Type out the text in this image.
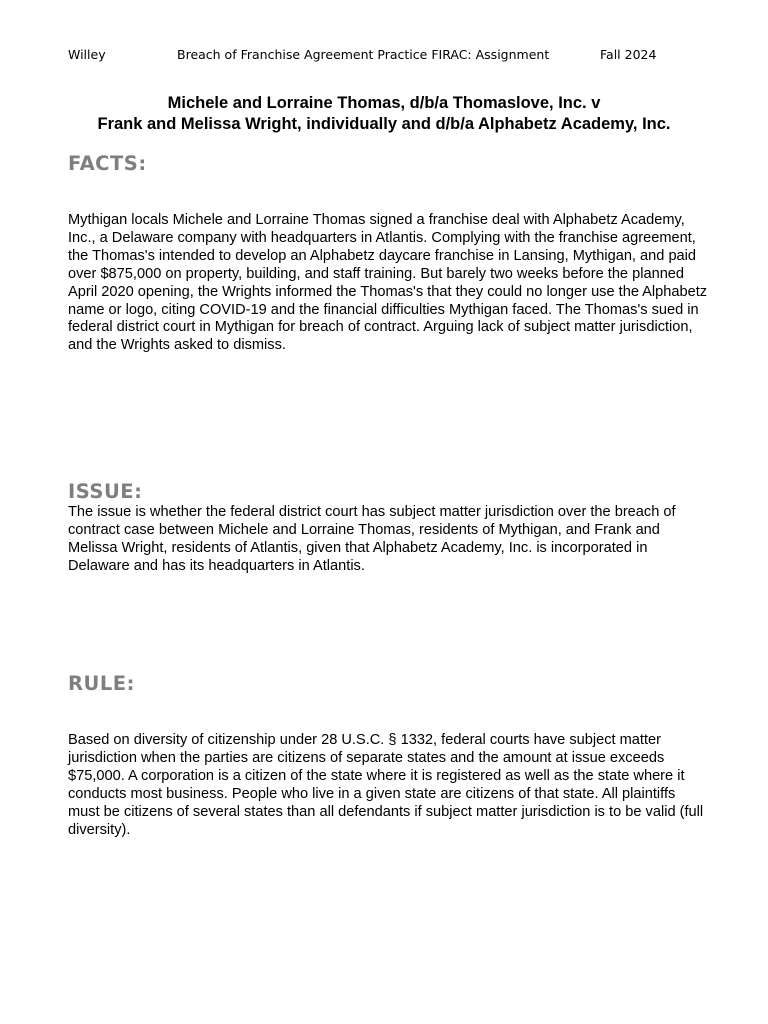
Willey	Breach of Franchise Agreement Practice FIRAC: Assignment	Fall 2024
Michele and Lorraine Thomas, d/b/a Thomaslove, Inc. v
Frank and Melissa Wright, individually and d/b/a Alphabetz Academy, Inc.
FACTS:

Mythigan locals Michele and Lorraine Thomas signed a franchise deal with Alphabetz Academy, Inc., a Delaware company with headquarters in Atlantis. Complying with the franchise agreement, the Thomas's intended to develop an Alphabetz daycare franchise in Lansing, Mythigan, and paid over $875,000 on property, building, and staff training. But barely two weeks before the planned April 2020 opening, the Wrights informed the Thomas's that they could no longer use the Alphabetz name or logo, citing COVID-19 and the financial difficulties Mythigan faced. The Thomas's sued in federal district court in Mythigan for breach of contract. Arguing lack of subject matter jurisdiction, and the Wrights asked to dismiss.

ISSUE:

The issue is whether the federal district court has subject matter jurisdiction over the breach of contract case between Michele and Lorraine Thomas, residents of Mythigan, and Frank and Melissa Wright, residents of Atlantis, given that Alphabetz Academy, Inc. is incorporated in Delaware and has its headquarters in Atlantis.

RULE:

Based on diversity of citizenship under 28 U.S.C. § 1332, federal courts have subject matter jurisdiction when the parties are citizens of separate states and the amount at issue exceeds $75,000. A corporation is a citizen of the state where it is registered as well as the state where it conducts most business. People who live in a given state are citizens of that state. All plaintiffs must be citizens of several states than all defendants if subject matter jurisdiction is to be valid (full diversity).
